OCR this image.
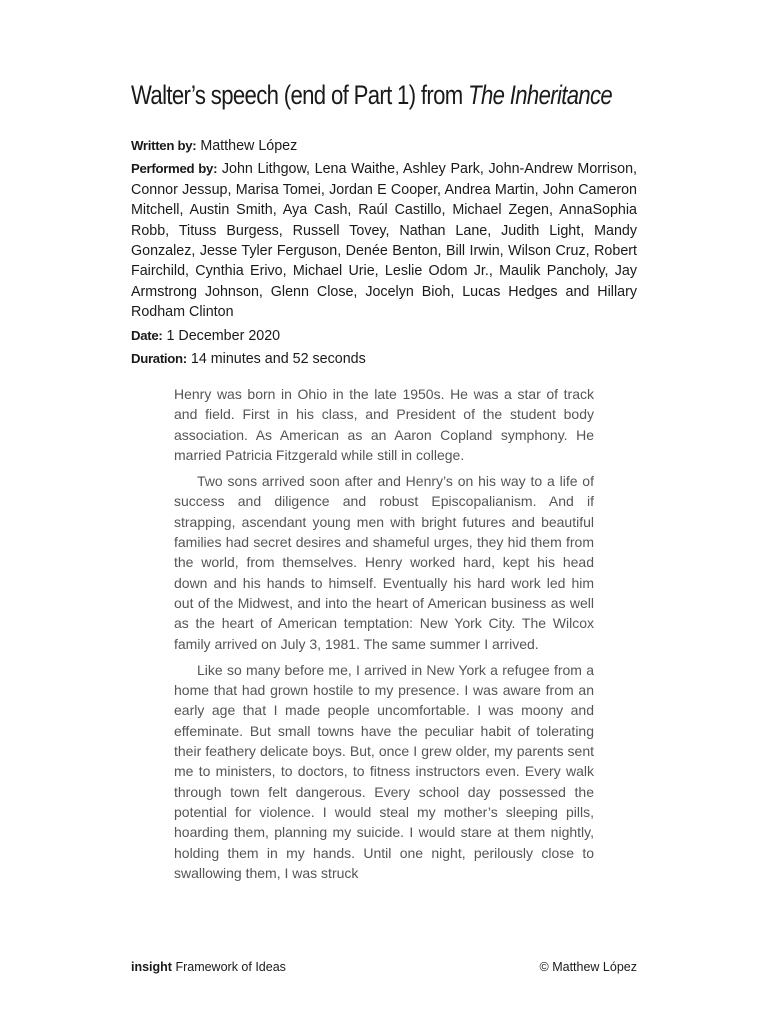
Walter’s speech (end of Part 1) from The Inheritance

Written by: Matthew López

Performed by: John Lithgow, Lena Waithe, Ashley Park, John-Andrew Morrison, Connor Jessup, Marisa Tomei, Jordan E Cooper, Andrea Martin, John Cameron Mitchell, Austin Smith, Aya Cash, Raúl Castillo, Michael Zegen, AnnaSophia Robb, Tituss Burgess, Russell Tovey, Nathan Lane, Judith Light, Mandy Gonzalez, Jesse Tyler Ferguson, Denée Benton, Bill Irwin, Wilson Cruz, Robert Fairchild, Cynthia Erivo, Michael Urie, Leslie Odom Jr., Maulik Pancholy, Jay Armstrong Johnson, Glenn Close, Jocelyn Bioh, Lucas Hedges and Hillary Rodham Clinton

Date: 1 December 2020

Duration: 14 minutes and 52 seconds

Henry was born in Ohio in the late 1950s. He was a star of track and field. First in his class, and President of the student body association. As American as an Aaron Copland symphony. He married Patricia Fitzgerald while still in college.

Two sons arrived soon after and Henry’s on his way to a life of success and diligence and robust Episcopalianism. And if strapping, ascendant young men with bright futures and beautiful families had secret desires and shameful urges, they hid them from the world, from themselves. Henry worked hard, kept his head down and his hands to himself. Eventually his hard work led him out of the Midwest, and into the heart of American business as well as the heart of American temptation: New York City. The Wilcox family arrived on July 3, 1981. The same summer I arrived.

Like so many before me, I arrived in New York a refugee from a home that had grown hostile to my presence. I was aware from an early age that I made people uncomfortable. I was moony and effeminate. But small towns have the peculiar habit of tolerating their feathery delicate boys. But, once I grew older, my parents sent me to ministers, to doctors, to fitness instructors even. Every walk through town felt dangerous. Every school day possessed the potential for violence. I would steal my mother’s sleeping pills, hoarding them, planning my suicide. I would stare at them nightly, holding them in my hands. Until one night, perilously close to swallowing them, I was struck

insight Framework of Ideas	© Matthew López
